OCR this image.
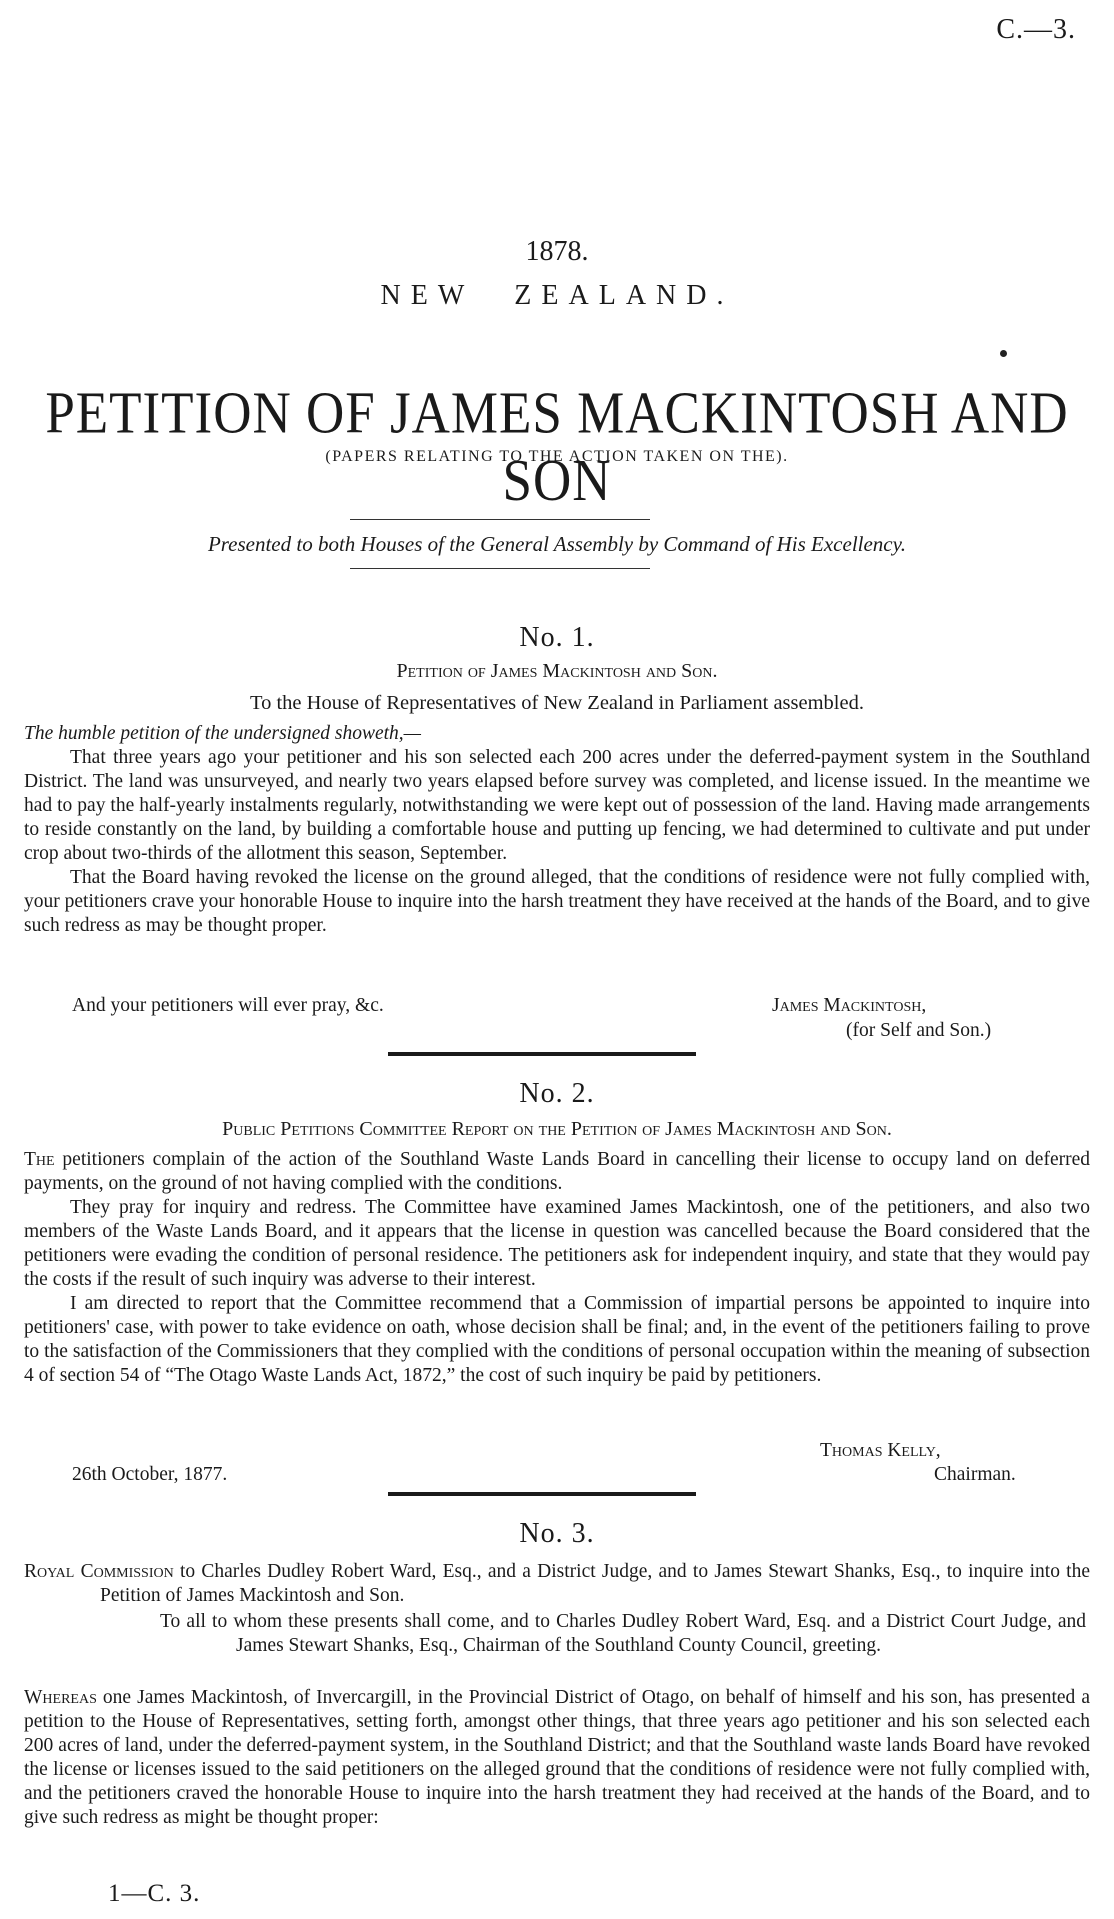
C.—3.
1878.
NEW ZEALAND.
PETITION OF JAMES MACKINTOSH AND SON
(PAPERS RELATING TO THE ACTION TAKEN ON THE).
Presented to both Houses of the General Assembly by Command of His Excellency.
No. 1.
Petition of James Mackintosh and Son.
To the House of Representatives of New Zealand in Parliament assembled.
The humble petition of the undersigned showeth,—

That three years ago your petitioner and his son selected each 200 acres under the deferred-payment system in the Southland District. The land was unsurveyed, and nearly two years elapsed before survey was completed, and license issued. In the meantime we had to pay the half-yearly instalments regularly, notwithstanding we were kept out of possession of the land. Having made arrangements to reside constantly on the land, by building a comfortable house and putting up fencing, we had determined to cultivate and put under crop about two-thirds of the allotment this season, September.

That the Board having revoked the license on the ground alleged, that the conditions of residence were not fully complied with, your petitioners crave your honorable House to inquire into the harsh treatment they have received at the hands of the Board, and to give such redress as may be thought proper.

And your petitioners will ever pray, &c.	James Mackintosh,
(for Self and Son.)
No. 2.
Public Petitions Committee Report on the Petition of James Mackintosh and Son.

The petitioners complain of the action of the Southland Waste Lands Board in cancelling their license to occupy land on deferred payments, on the ground of not having complied with the conditions.

They pray for inquiry and redress. The Committee have examined James Mackintosh, one of the petitioners, and also two members of the Waste Lands Board, and it appears that the license in question was cancelled because the Board considered that the petitioners were evading the condition of personal residence. The petitioners ask for independent inquiry, and state that they would pay the costs if the result of such inquiry was adverse to their interest.

I am directed to report that the Committee recommend that a Commission of impartial persons be appointed to inquire into petitioners' case, with power to take evidence on oath, whose decision shall be final; and, in the event of the petitioners failing to prove to the satisfaction of the Commissioners that they complied with the conditions of personal occupation within the meaning of subsection 4 of section 54 of “The Otago Waste Lands Act, 1872,” the cost of such inquiry be paid by petitioners.

Thomas Kelly,
26th October, 1877.	Chairman.
No. 3.

Royal Commission to Charles Dudley Robert Ward, Esq., and a District Judge, and to James Stewart Shanks, Esq., to inquire into the Petition of James Mackintosh and Son.

To all to whom these presents shall come, and to Charles Dudley Robert Ward, Esq. and a District Court Judge, and James Stewart Shanks, Esq., Chairman of the Southland County Council, greeting.

Whereas one James Mackintosh, of Invercargill, in the Provincial District of Otago, on behalf of himself and his son, has presented a petition to the House of Representatives, setting forth, amongst other things, that three years ago petitioner and his son selected each 200 acres of land, under the deferred-payment system, in the Southland District; and that the Southland waste lands Board have revoked the license or licenses issued to the said petitioners on the alleged ground that the conditions of residence were not fully complied with, and the petitioners craved the honorable House to inquire into the harsh treatment they had received at the hands of the Board, and to give such redress as might be thought proper:

1—C. 3.
